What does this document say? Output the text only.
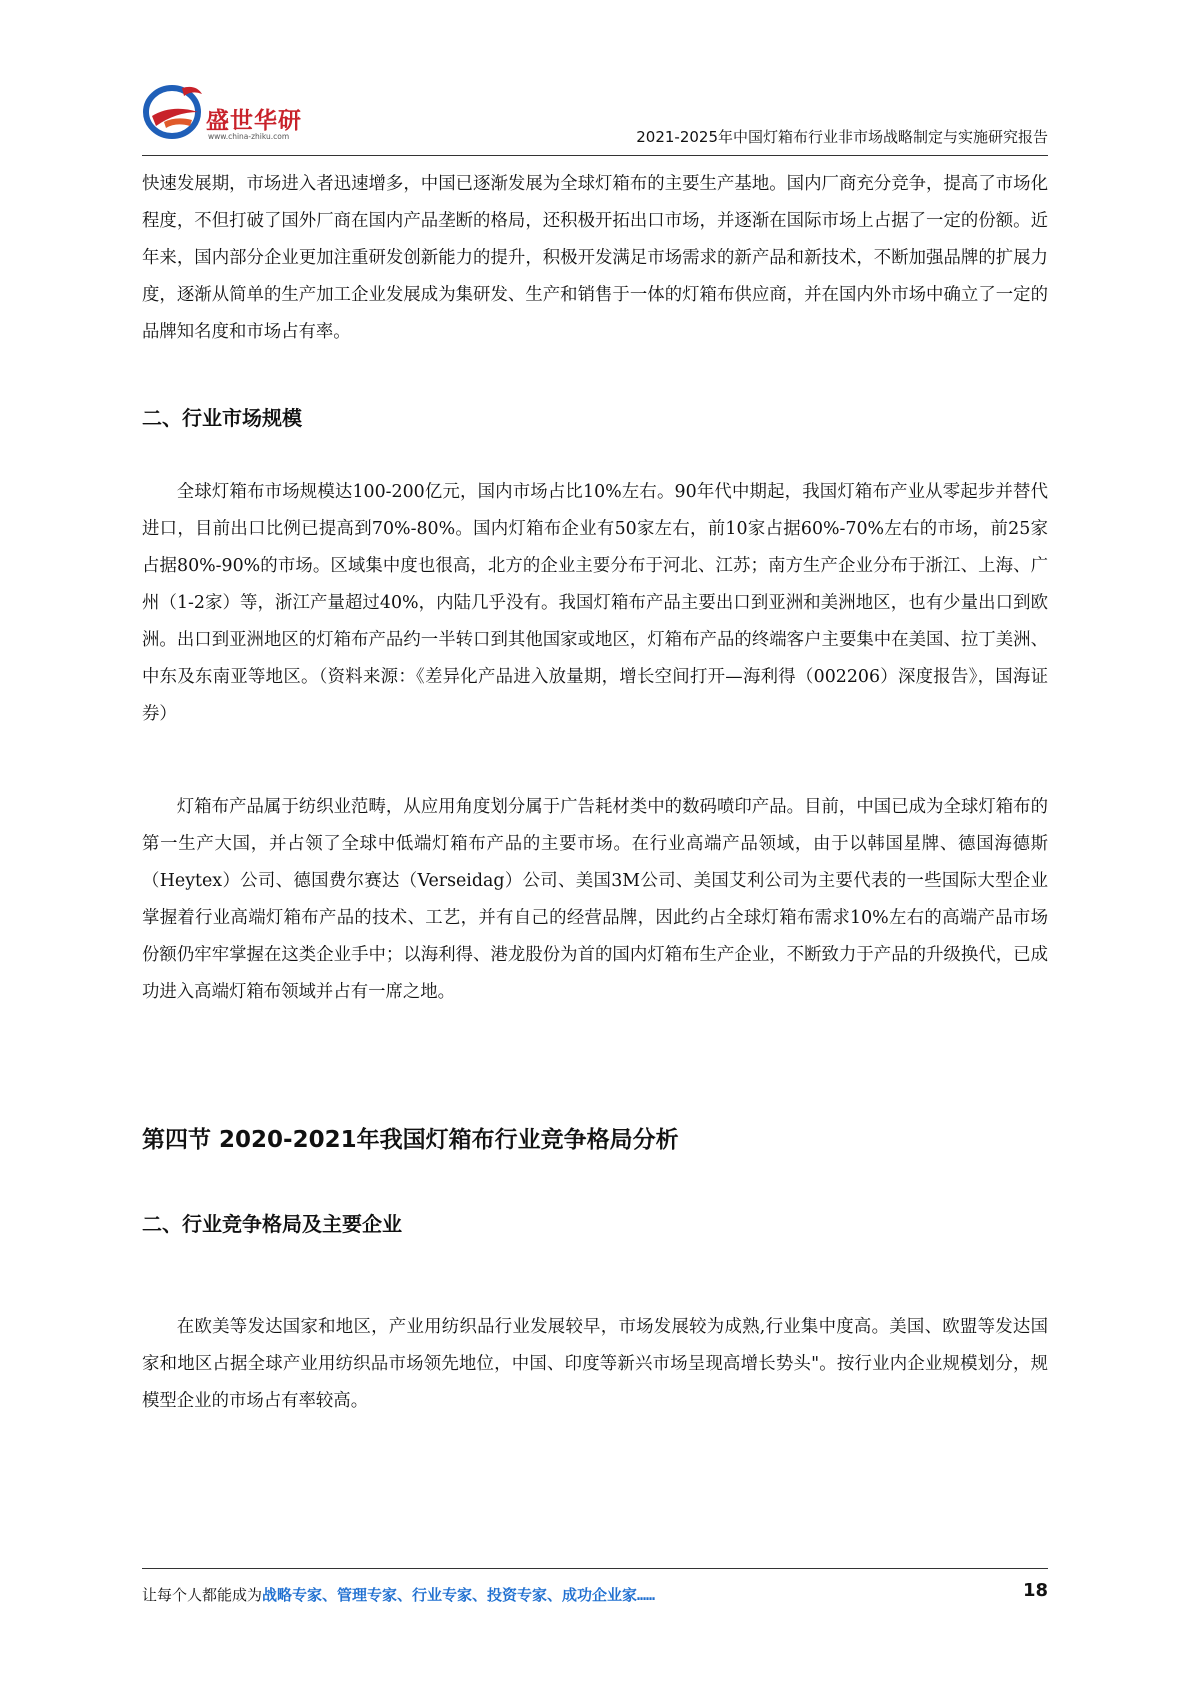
盛世华研
www.china-zhiku.com	2021-2025年中国灯箱布行业非市场战略制定与实施研究报告

快速发展期，市场进入者迅速增多，中国已逐渐发展为全球灯箱布的主要生产基地。国内厂商充分竞争，提高了市场化程度，不但打破了国外厂商在国内产品垄断的格局，还积极开拓出口市场，并逐渐在国际市场上占据了一定的份额。近年来，国内部分企业更加注重研发创新能力的提升，积极开发满足市场需求的新产品和新技术，不断加强品牌的扩展力度，逐渐从简单的生产加工企业发展成为集研发、生产和销售于一体的灯箱布供应商，并在国内外市场中确立了一定的品牌知名度和市场占有率。

二、行业市场规模

全球灯箱布市场规模达100-200亿元，国内市场占比10%左右。90年代中期起，我国灯箱布产业从零起步并替代进口，目前出口比例已提高到70%-80%。国内灯箱布企业有50家左右，前10家占据60%-70%左右的市场，前25家占据80%-90%的市场。区域集中度也很高，北方的企业主要分布于河北、江苏；南方生产企业分布于浙江、上海、广州（1-2家）等，浙江产量超过40%，内陆几乎没有。我国灯箱布产品主要出口到亚洲和美洲地区，也有少量出口到欧洲。出口到亚洲地区的灯箱布产品约一半转口到其他国家或地区，灯箱布产品的终端客户主要集中在美国、拉丁美洲、中东及东南亚等地区。（资料来源：《差异化产品进入放量期，增长空间打开—海利得（002206）深度报告》，国海证券）

灯箱布产品属于纺织业范畴，从应用角度划分属于广告耗材类中的数码喷印产品。目前，中国已成为全球灯箱布的第一生产大国，并占领了全球中低端灯箱布产品的主要市场。在行业高端产品领域，由于以韩国星牌、德国海德斯（Heytex）公司、德国费尔赛达（Verseidag）公司、美国3M公司、美国艾利公司为主要代表的一些国际大型企业掌握着行业高端灯箱布产品的技术、工艺，并有自己的经营品牌，因此约占全球灯箱布需求10%左右的高端产品市场份额仍牢牢掌握在这类企业手中；以海利得、港龙股份为首的国内灯箱布生产企业，不断致力于产品的升级换代，已成功进入高端灯箱布领域并占有一席之地。

第四节 2020-2021年我国灯箱布行业竞争格局分析
二、行业竞争格局及主要企业

在欧美等发达国家和地区，产业用纺织品行业发展较早，市场发展较为成熟,行业集中度高。美国、欧盟等发达国家和地区占据全球产业用纺织品市场领先地位，中国、印度等新兴市场呈现高增长势头"。按行业内企业规模划分，规模型企业的市场占有率较高。

让每个人都能成为战略专家、管理专家、行业专家、投资专家、成功企业家……	18
